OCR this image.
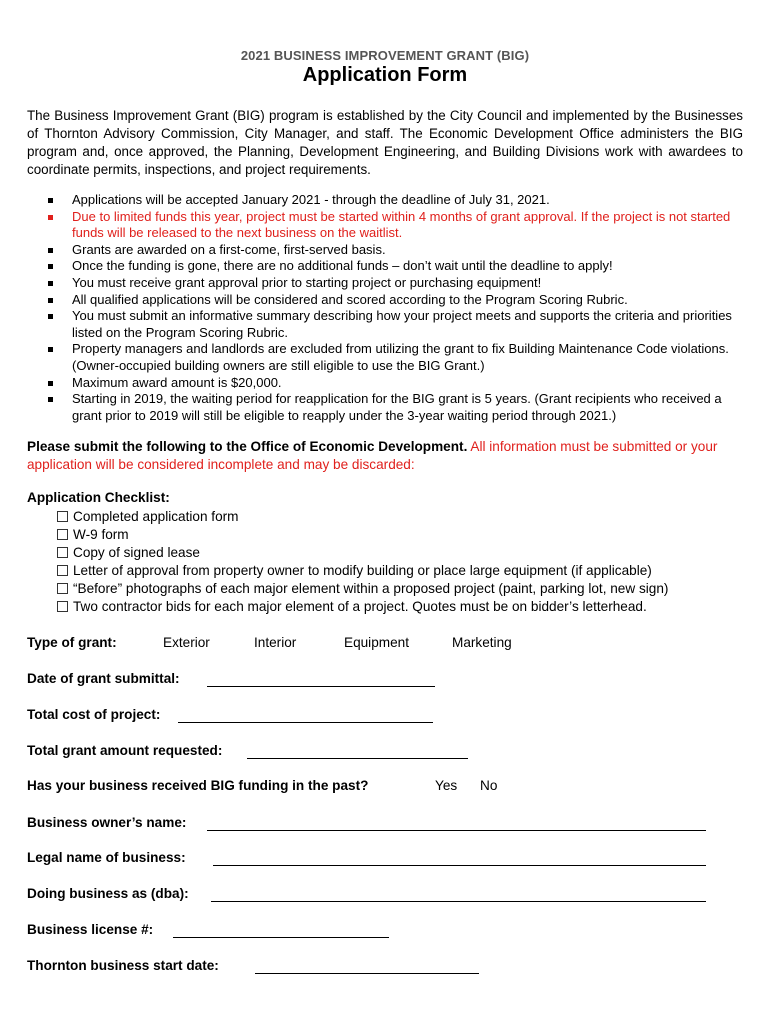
2021 BUSINESS IMPROVEMENT GRANT (BIG)
Application Form

The Business Improvement Grant (BIG) program is established by the City Council and implemented by the Businesses of Thornton Advisory Commission, City Manager, and staff. The Economic Development Office administers the BIG program and, once approved, the Planning, Development Engineering, and Building Divisions work with awardees to coordinate permits, inspections, and project requirements.

Applications will be accepted January 2021 - through the deadline of July 31, 2021.
Due to limited funds this year, project must be started within 4 months of grant approval. If the project is not started funds will be released to the next business on the waitlist.
Grants are awarded on a first-come, first-served basis.
Once the funding is gone, there are no additional funds – don’t wait until the deadline to apply!
You must receive grant approval prior to starting project or purchasing equipment!
All qualified applications will be considered and scored according to the Program Scoring Rubric.
You must submit an informative summary describing how your project meets and supports the criteria and priorities listed on the Program Scoring Rubric.
Property managers and landlords are excluded from utilizing the grant to fix Building Maintenance Code violations. (Owner-occupied building owners are still eligible to use the BIG Grant.)
Maximum award amount is $20,000.
Starting in 2019, the waiting period for reapplication for the BIG grant is 5 years. (Grant recipients who received a grant prior to 2019 will still be eligible to reapply under the 3-year waiting period through 2021.)

Please submit the following to the Office of Economic Development. All information must be submitted or your application will be considered incomplete and may be discarded:

Application Checklist:
Completed application form
W-9 form
Copy of signed lease
Letter of approval from property owner to modify building or place large equipment (if applicable)
“Before” photographs of each major element within a proposed project (paint, parking lot, new sign)
Two contractor bids for each major element of a project. Quotes must be on bidder’s letterhead.
Type of grant:	Exterior	Interior	Equipment	Marketing
Date of grant submittal:
Total cost of project:
Total grant amount requested:
Has your business received BIG funding in the past?	Yes No
Business owner’s name:
Legal name of business:
Doing business as (dba):
Business license #:
Thornton business start date:
